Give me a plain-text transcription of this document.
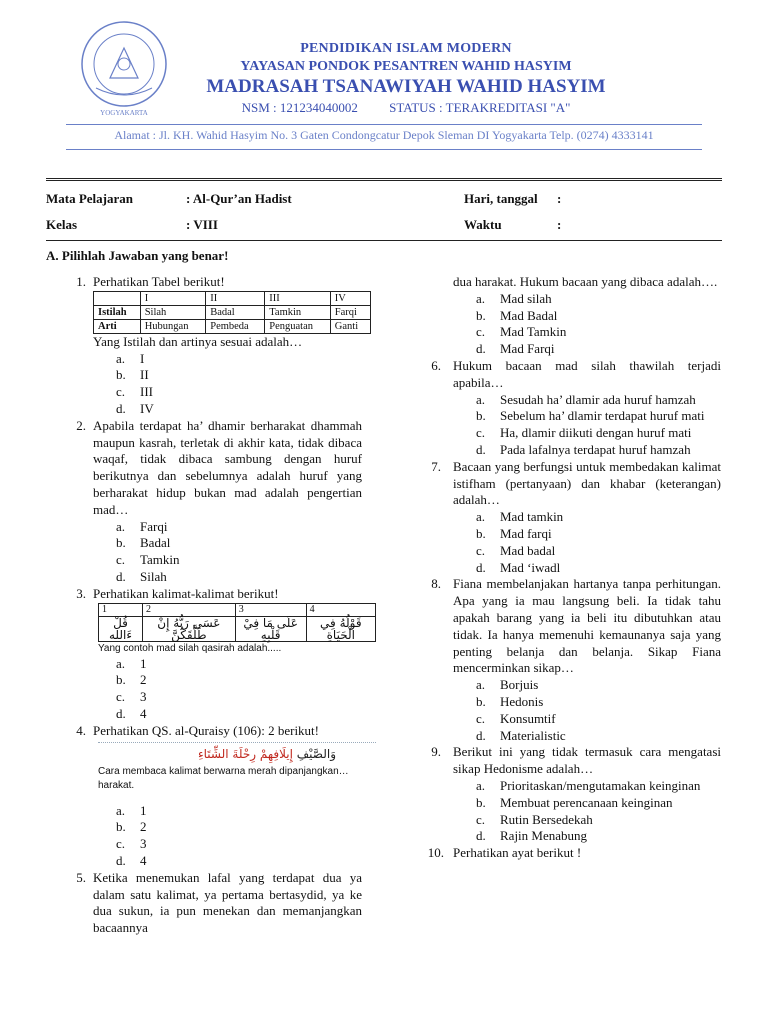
YOGYAKARTA
PENDIDIKAN ISLAM MODERN
YAYASAN PONDOK PESANTREN WAHID HASYIM
MADRASAH TSANAWIYAH WAHID HASYIM
NSM : 121234040002 STATUS : TERAKREDITASI "A"
Alamat : Jl. KH. Wahid Hasyim No. 3 Gaten Condongcatur Depok Sleman DI Yogyakarta Telp. (0274) 4333141
Mata Pelajaran	: Al-Qur’an Hadist	Hari, tanggal :
Kelas	: VIII	Waktu	:
A. Pilihlah Jawaban yang benar!
1. Perhatikan Tabel berikut!
	I	II	III	IV
Istilah	Silah	Badal	Tamkin	Farqi
Arti	Hubungan	Pembeda	Penguatan	Ganti
Yang Istilah dan artinya sesuai adalah…
a. I
b. II
c. III
d. IV
2. Apabila terdapat ha’ dhamir berharakat dhammah maupun kasrah, terletak di akhir kata, tidak dibaca waqaf, tidak dibaca sambung dengan huruf berikutnya dan sebelumnya adalah huruf yang berharakat hidup bukan mad adalah pengertian mad…
a. Farqi
b. Badal
c. Tamkin
d. Silah
3. Perhatikan kalimat-kalimat berikut!
1	2	3	4
قُلْ ءَالله	عَسَى رَبُّهُ إِنْ طَلَّقَكُنَّ	عَلَى مَا فِيْ قَلْبِهِ	قَوْلُهُ فِي الْحَيَاةِ
Yang contoh mad silah qasirah adalah.....
a. 1
b. 2
c. 3
d. 4
4. Perhatikan QS. al-Quraisy (106): 2 berikut!
وَالصَّيْفِ إِيلَافِهِمْ رِحْلَةَ الشِّتَاءِ
Cara membaca kalimat berwarna merah dipanjangkan… harakat.
a. 1
b. 2
c. 3
d. 4
5. Ketika menemukan lafal yang terdapat dua ya dalam satu kalimat, ya pertama bertasydid, ya ke dua sukun, ia pun menekan dan memanjangkan bacaannya
dua harakat. Hukum bacaan yang dibaca adalah….
a. Mad silah
b. Mad Badal
c. Mad Tamkin
d. Mad Farqi
6. Hukum bacaan mad silah thawilah terjadi apabila…
a. Sesudah ha’ dlamir ada huruf hamzah
b. Sebelum ha’ dlamir terdapat huruf mati
c. Ha, dlamir diikuti dengan huruf mati
d. Pada lafalnya terdapat huruf hamzah
7. Bacaan yang berfungsi untuk membedakan kalimat istifham (pertanyaan) dan khabar (keterangan) adalah…
a. Mad tamkin
b. Mad farqi
c. Mad badal
d. Mad ‘iwadl
8. Fiana membelanjakan hartanya tanpa perhitungan. Apa yang ia mau langsung beli. Ia tidak tahu apakah barang yang ia beli itu dibutuhkan atau tidak. Ia hanya memenuhi kemaunanya saja yang penting belanja dan belanja. Sikap Fiana mencerminkan sikap…
a. Borjuis
b. Hedonis
c. Konsumtif
d. Materialistic
9. Berikut ini yang tidak termasuk cara mengatasi sikap Hedonisme adalah…
a. Prioritaskan/mengutamakan keinginan
b. Membuat perencanaan keinginan
c. Rutin Bersedekah
d. Rajin Menabung
10. Perhatikan ayat berikut !
